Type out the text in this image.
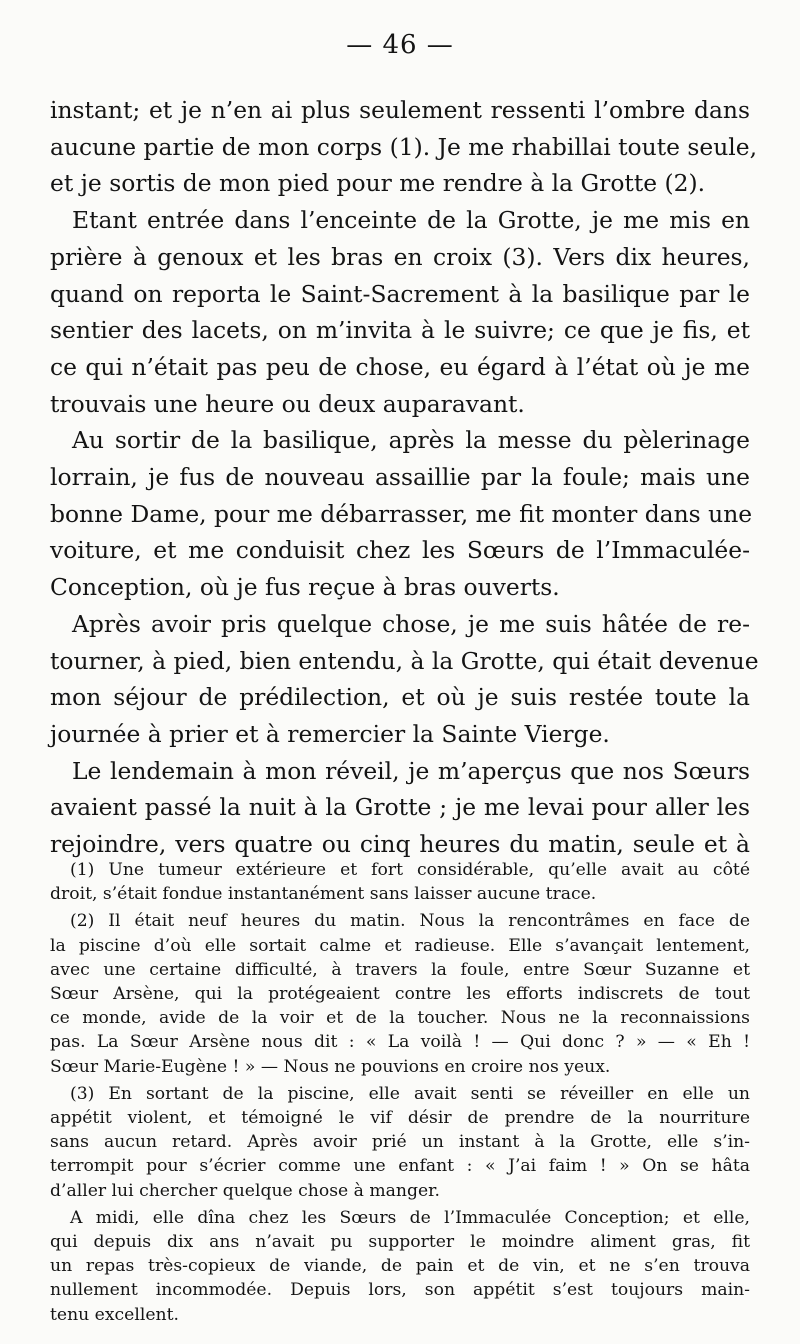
— 46 —

instant; et je n’en ai plus seulement ressenti l’ombre dans
aucune partie de mon corps (1). Je me rhabillai toute seule,
et je sortis de mon pied pour me rendre à la Grotte (2).

Etant entrée dans l’enceinte de la Grotte, je me mis en
prière à genoux et les bras en croix (3). Vers dix heures,
quand on reporta le Saint-Sacrement à la basilique par le
sentier des lacets, on m’invita à le suivre; ce que je fis, et
ce qui n’était pas peu de chose, eu égard à l’état où je me
trouvais une heure ou deux auparavant.

Au sortir de la basilique, après la messe du pèlerinage
lorrain, je fus de nouveau assaillie par la foule; mais une
bonne Dame, pour me débarrasser, me fit monter dans une
voiture, et me conduisit chez les Sœurs de l’Immaculée-
Conception, où je fus reçue à bras ouverts.

Après avoir pris quelque chose, je me suis hâtée de re-
tourner, à pied, bien entendu, à la Grotte, qui était devenue
mon séjour de prédilection, et où je suis restée toute la
journée à prier et à remercier la Sainte Vierge.

Le lendemain à mon réveil, je m’aperçus que nos Sœurs
avaient passé la nuit à la Grotte ; je me levai pour aller les
rejoindre, vers quatre ou cinq heures du matin, seule et à

(1) Une tumeur extérieure et fort considérable, qu’elle avait au côté
droit, s’était fondue instantanément sans laisser aucune trace.
(2) Il était neuf heures du matin. Nous la rencontrâmes en face de
la piscine d’où elle sortait calme et radieuse. Elle s’avançait lentement,
avec une certaine difficulté, à travers la foule, entre Sœur Suzanne et
Sœur Arsène, qui la protégeaient contre les efforts indiscrets de tout
ce monde, avide de la voir et de la toucher. Nous ne la reconnaissions
pas. La Sœur Arsène nous dit : « La voilà ! — Qui donc ? » — « Eh !
Sœur Marie-Eugène ! » — Nous ne pouvions en croire nos yeux.
(3) En sortant de la piscine, elle avait senti se réveiller en elle un
appétit violent, et témoigné le vif désir de prendre de la nourriture
sans aucun retard. Après avoir prié un instant à la Grotte, elle s’in-
terrompit pour s’écrier comme une enfant : « J’ai faim ! » On se hâta
d’aller lui chercher quelque chose à manger.
A midi, elle dîna chez les Sœurs de l’Immaculée Conception; et elle,
qui depuis dix ans n’avait pu supporter le moindre aliment gras, fit
un repas très-copieux de viande, de pain et de vin, et ne s’en trouva
nullement incommodée. Depuis lors, son appétit s’est toujours main-
tenu excellent.
